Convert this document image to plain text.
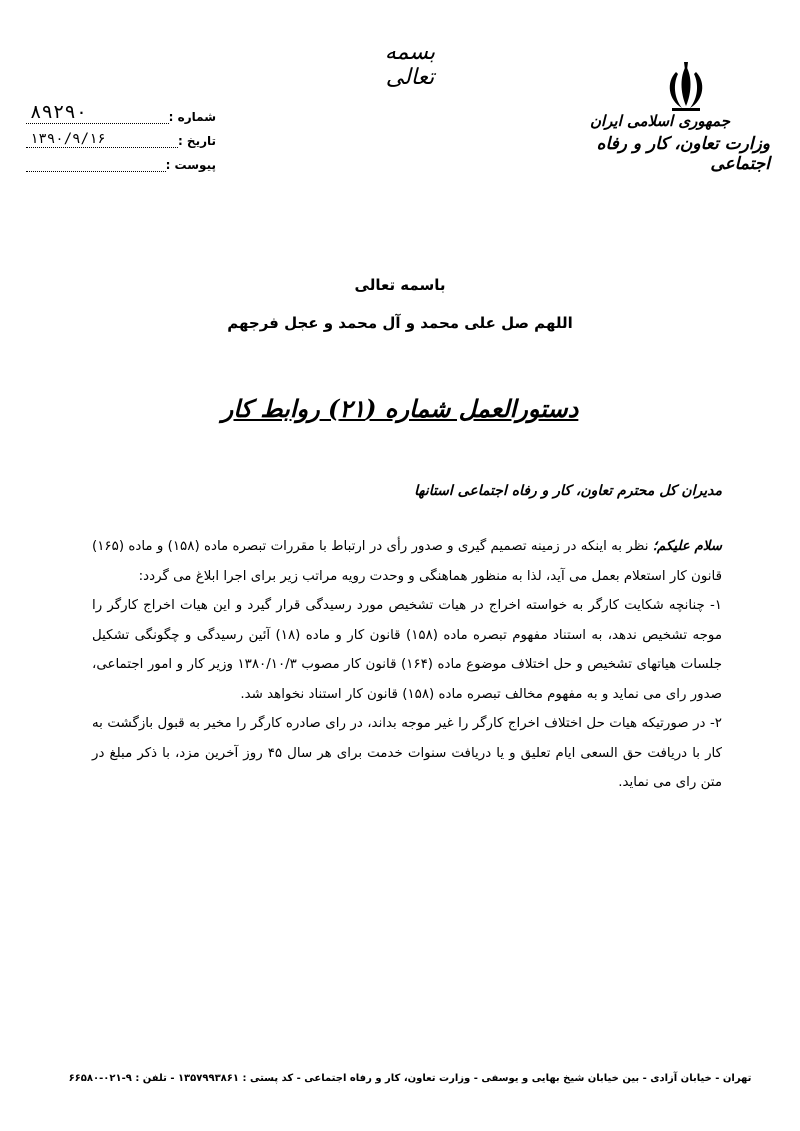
بسمه تعالی
جمهوری اسلامی ایران
وزارت تعاون، کار و رفاه اجتماعی
شماره :
۸۹۲۹۰
تاریخ :
۱۳۹۰/۹/۱۶
پیوست :
باسمه تعالی
اللهم صل علی محمد و آل محمد و عجل فرجهم
دستورالعمل شماره (۲۱) روابط کار
مدیران کل محترم تعاون، کار و رفاه اجتماعی استانها

سلام علیکم؛ نظر به اینکه در زمینه تصمیم گیری و صدور رأی در ارتباط با مقررات تبصره ماده (۱۵۸) و ماده (۱۶۵) قانون کار استعلام بعمل می آید، لذا به منظور هماهنگی و وحدت رویه مراتب زیر برای اجرا ابلاغ می گردد:

۱- چنانچه شکایت کارگر به خواسته اخراج در هیات تشخیص مورد رسیدگی قرار گیرد و این هیات اخراج کارگر را موجه تشخیص ندهد، به استناد مفهوم تبصره ماده (۱۵۸) قانون کار و ماده (۱۸) آئین رسیدگی و چگونگی تشکیل جلسات هیاتهای تشخیص و حل اختلاف موضوع ماده (۱۶۴) قانون کار مصوب ۱۳۸۰/۱۰/۳ وزیر کار و امور اجتماعی، صدور رای می نماید و به مفهوم مخالف تبصره ماده (۱۵۸) قانون کار استناد نخواهد شد.

۲- در صورتیکه هیات حل اختلاف اخراج کارگر را غیر موجه بداند، در رای صادره کارگر را مخیر به قبول بازگشت به کار با دریافت حق السعی ایام تعلیق و یا دریافت سنوات خدمت برای هر سال ۴۵ روز آخرین مزد، با ذکر مبلغ در متن رای می نماید.

تهران - خیابان آزادی - بین خیابان شیخ بهایی و یوسفی - وزارت تعاون، کار و رفاه اجتماعی - کد پستی : ۱۳۵۷۹۹۳۸۶۱ - تلفن : ۹-۰۲۱-۶۶۵۸۰
